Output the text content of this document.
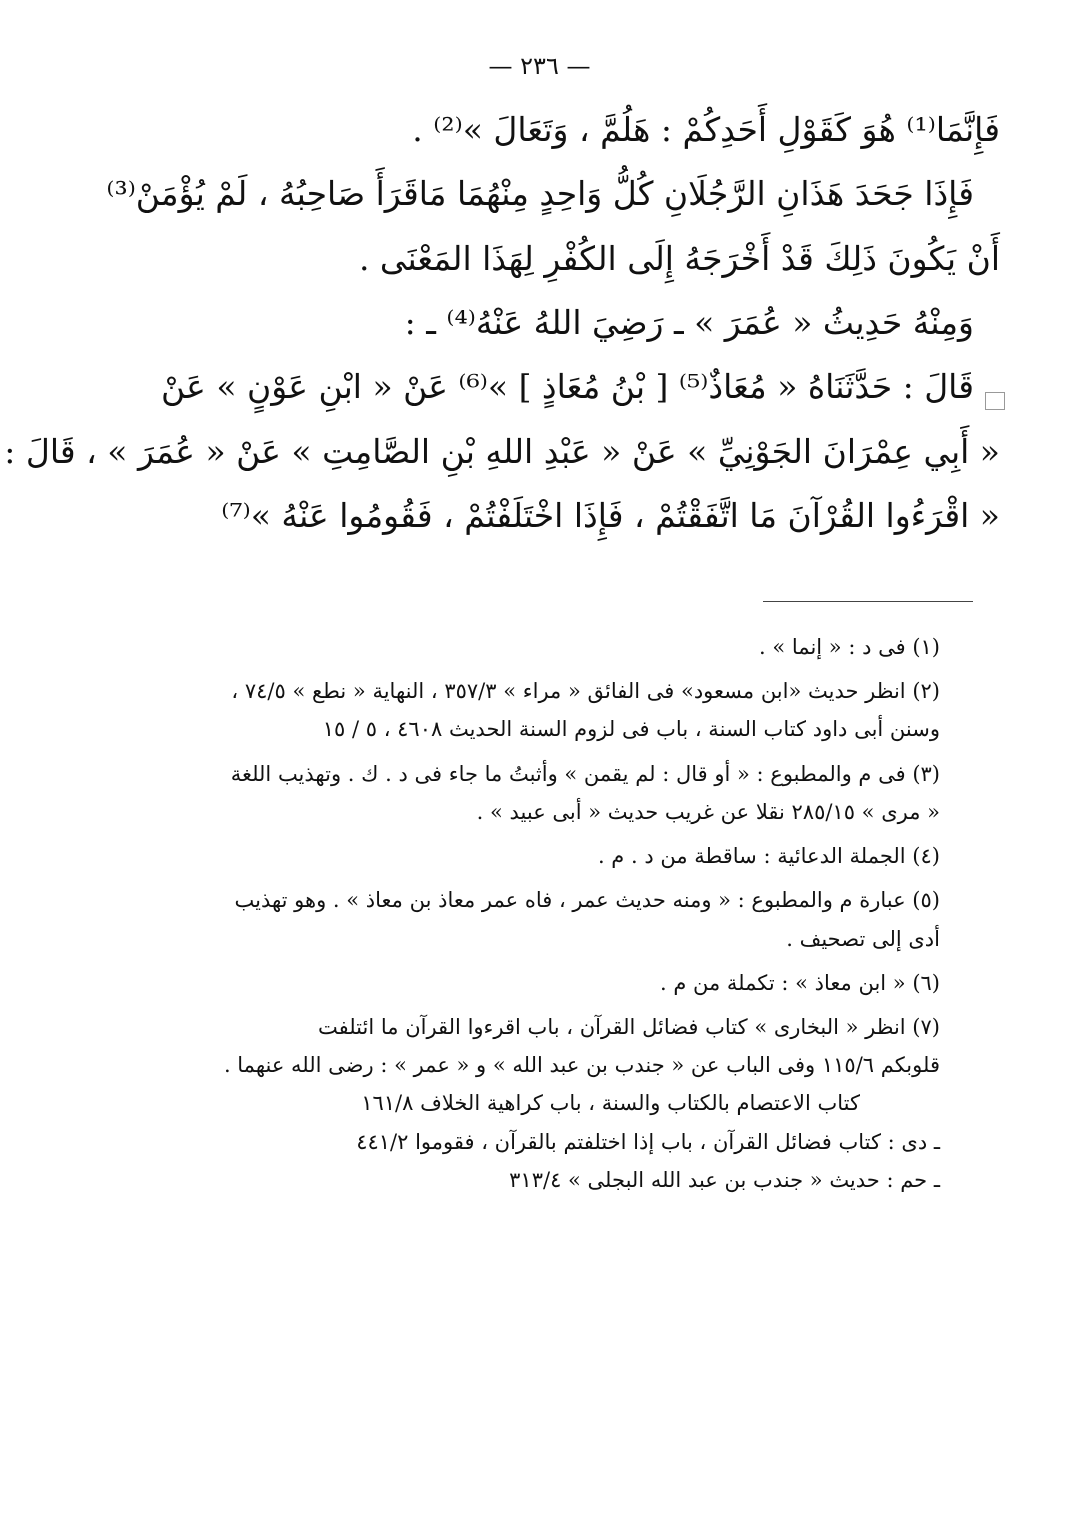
— ٢٣٦ —
فَإِنَّمَا⁽¹⁾ هُوَ كَقَوْلِ أَحَدِكُمْ : هَلُمَّ ، وَتَعَالَ »⁽²⁾ .
فَإِذَا جَحَدَ هَذَانِ الرَّجُلَانِ كُلُّ وَاحِدٍ مِنْهُمَا مَاقَرَأَ صَاحِبُهُ ، لَمْ يُؤْمَنْ⁽³⁾
أَنْ يَكُونَ ذَلِكَ قَدْ أَخْرَجَهُ إِلَى الكُفْرِ لِهَذَا المَعْنَى .
وَمِنْهُ حَدِيثُ « عُمَرَ » ـ رَضِيَ اللهُ عَنْهُ⁽⁴⁾ ـ :
قَالَ : حَدَّثَنَاهُ « مُعَاذٌ⁽⁵⁾ [ بْنُ مُعَاذٍ ] »⁽⁶⁾ عَنْ « ابْنِ عَوْنٍ » عَنْ
« أَبِي عِمْرَانَ الجَوْنِيِّ » عَنْ « عَبْدِ اللهِ بْنِ الصَّامِتِ » عَنْ « عُمَرَ » ، قَالَ :
« اقْرَءُوا القُرْآنَ مَا اتَّفَقْتُمْ ، فَإِذَا اخْتَلَفْتُمْ ، فَقُومُوا عَنْهُ »⁽⁷⁾
(١) فى د : « إنما » .
(٢) انظر حديث «ابن مسعود» فى الفائق « مراء » ٣٥٧/٣ ، النهاية « نطع » ٧٤/٥ ،
وسنن أبى داود كتاب السنة ، باب فى لزوم السنة الحديث ٤٦٠٨ ، ٥ / ١٥
(٣) فى م والمطبوع : « أو قال : لم يقمن » وأثبتُ ما جاء فى د . ك . وتهذيب اللغة
« مرى » ٢٨٥/١٥ نقلا عن غريب حديث « أبى عبيد » .
(٤) الجملة الدعائية : ساقطة من د . م .
(٥) عبارة م والمطبوع : « ومنه حديث عمر ، فاه عمر معاذ بن معاذ » . وهو تهذيب
أدى إلى تصحيف .
(٦) « ابن معاذ » : تكملة من م .
(٧) انظر « البخارى » كتاب فضائل القرآن ، باب اقرءوا القرآن ما ائتلفت
قلوبكم ١١٥/٦ وفى الباب عن « جندب بن عبد الله » و « عمر » : رضى الله عنهما .
كتاب الاعتصام بالكتاب والسنة ، باب كراهية الخلاف ١٦١/٨
ـ دى : كتاب فضائل القرآن ، باب إذا اختلفتم بالقرآن ، فقوموا ٤٤١/٢
ـ حم : حديث « جندب بن عبد الله البجلى » ٣١٣/٤
